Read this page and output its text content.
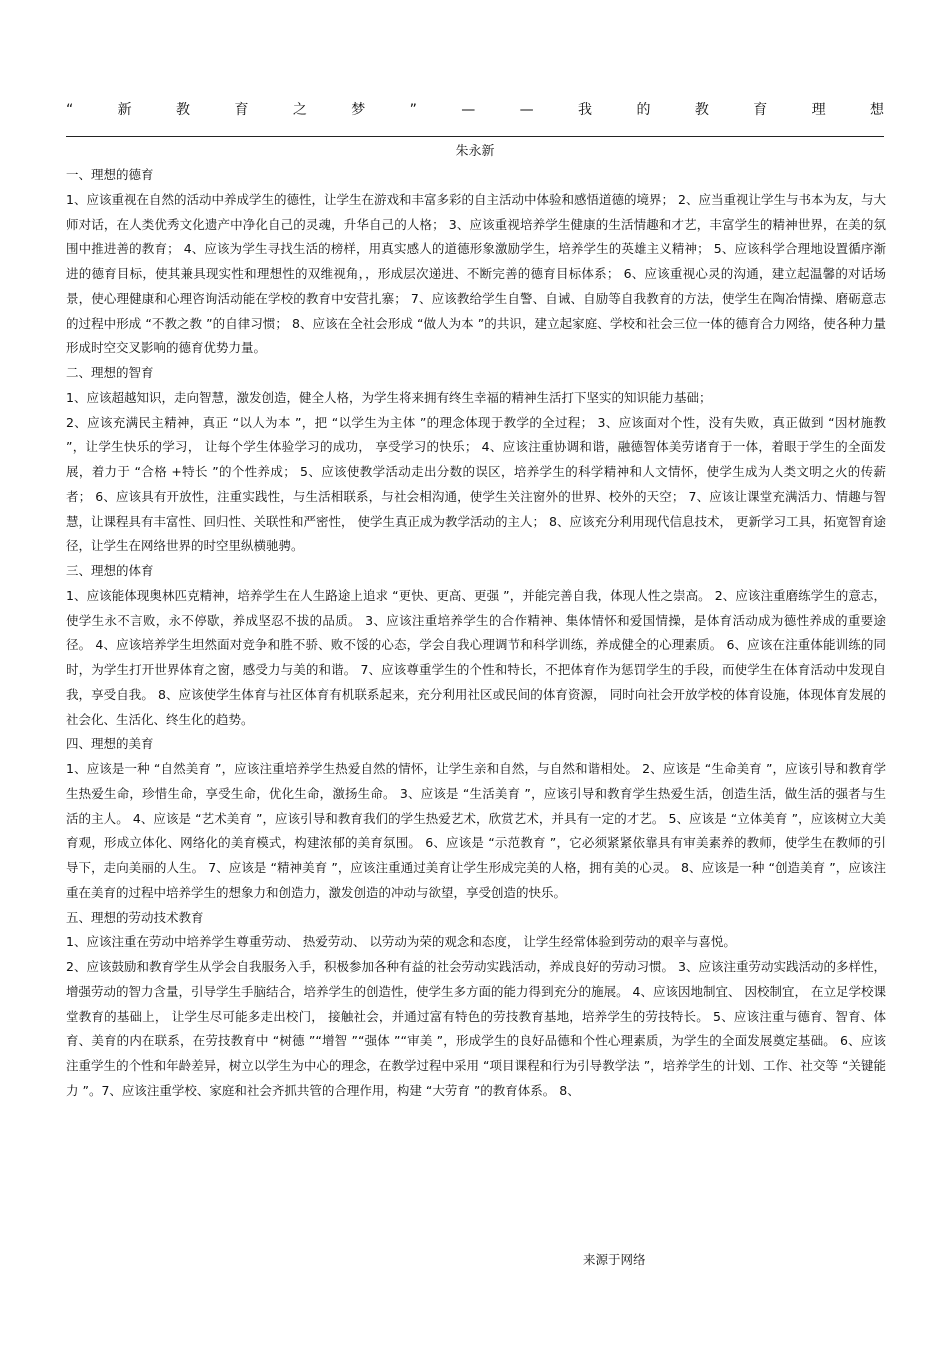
“	新	教	育	之	梦	”	—	—	我	的	教	育	理	想
朱永新
一、理想的德育

1、应该重视在自然的活动中养成学生的德性，让学生在游戏和丰富多彩的自主活动中体验和感悟道德的境界； 2、应当重视让学生与书本为友，与大师对话，在人类优秀文化遗产中净化自己的灵魂，升华自己的人格； 3、应该重视培养学生健康的生活情趣和才艺，丰富学生的精神世界，在美的氛围中推进善的教育； 4、应该为学生寻找生活的榜样，用真实感人的道德形象激励学生，培养学生的英雄主义精神； 5、应该科学合理地设置循序渐进的德育目标，使其兼具现实性和理想性的双维视角，，形成层次递进、不断完善的德育目标体系； 6、应该重视心灵的沟通，建立起温馨的对话场景，使心理健康和心理咨询活动能在学校的教育中安营扎寨； 7、应该教给学生自警、自诫、自励等自我教育的方法，使学生在陶冶情操、磨砺意志的过程中形成 “不教之教 ”的自律习惯； 8、应该在全社会形成 “做人为本 ”的共识，建立起家庭、学校和社会三位一体的德育合力网络，使各种力量形成时空交叉影响的德育优势力量。

二、理想的智育

1、应该超越知识，走向智慧，激发创造，健全人格，为学生将来拥有终生幸福的精神生活打下坚实的知识能力基础；

2、应该充满民主精神，真正 “以人为本 ”，把 “以学生为主体 ”的理念体现于教学的全过程； 3、应该面对个性，没有失败，真正做到 “因材施教 ”，让学生快乐的学习， 让每个学生体验学习的成功， 享受学习的快乐； 4、应该注重协调和谐，融德智体美劳诸育于一体，着眼于学生的全面发展，着力于 “合格 +特长 ”的个性养成； 5、应该使教学活动走出分数的误区，培养学生的科学精神和人文情怀，使学生成为人类文明之火的传薪者； 6、应该具有开放性，注重实践性，与生活相联系，与社会相沟通，使学生关注窗外的世界、校外的天空； 7、应该让课堂充满活力、情趣与智慧，让课程具有丰富性、回归性、关联性和严密性， 使学生真正成为教学活动的主人； 8、应该充分利用现代信息技术， 更新学习工具，拓宽智育途径，让学生在网络世界的时空里纵横驰骋。

三、理想的体育

1、应该能体现奥林匹克精神，培养学生在人生路途上追求 “更快、更高、更强 ”，并能完善自我，体现人性之崇高。 2、应该注重磨练学生的意志，使学生永不言败，永不停歇，养成坚忍不拔的品质。 3、应该注重培养学生的合作精神、集体情怀和爱国情操，是体育活动成为德性养成的重要途径。 4、应该培养学生坦然面对竞争和胜不骄、败不馁的心态，学会自我心理调节和科学训练，养成健全的心理素质。 6、应该在注重体能训练的同时，为学生打开世界体育之窗，感受力与美的和谐。 7、应该尊重学生的个性和特长，不把体育作为惩罚学生的手段，而使学生在体育活动中发现自我，享受自我。 8、应该使学生体育与社区体育有机联系起来，充分利用社区或民间的体育资源， 同时向社会开放学校的体育设施，体现体育发展的社会化、生活化、终生化的趋势。

四、理想的美育

1、应该是一种 “自然美育 ”，应该注重培养学生热爱自然的情怀，让学生亲和自然，与自然和谐相处。 2、应该是 “生命美育 ”，应该引导和教育学生热爱生命，珍惜生命，享受生命，优化生命，激扬生命。 3、应该是 “生活美育 ”，应该引导和教育学生热爱生活，创造生活，做生活的强者与生活的主人。 4、应该是 “艺术美育 ”，应该引导和教育我们的学生热爱艺术，欣赏艺术，并具有一定的才艺。 5、应该是 “立体美育 ”，应该树立大美育观，形成立体化、网络化的美育模式，构建浓郁的美育氛围。 6、应该是 “示范教育 ”，它必须紧紧依靠具有审美素养的教师，使学生在教师的引导下，走向美丽的人生。 7、应该是 “精神美育 ”，应该注重通过美育让学生形成完美的人格，拥有美的心灵。 8、应该是一种 “创造美育 ”，应该注重在美育的过程中培养学生的想象力和创造力，激发创造的冲动与欲望，享受创造的快乐。

五、理想的劳动技术教育

1、应该注重在劳动中培养学生尊重劳动、 热爱劳动、 以劳动为荣的观念和态度， 让学生经常体验到劳动的艰辛与喜悦。

2、应该鼓励和教育学生从学会自我服务入手，积极参加各种有益的社会劳动实践活动，养成良好的劳动习惯。 3、应该注重劳动实践活动的多样性，增强劳动的智力含量，引导学生手脑结合，培养学生的创造性，使学生多方面的能力得到充分的施展。 4、应该因地制宜、 因校制宜， 在立足学校课堂教育的基础上， 让学生尽可能多走出校门， 接触社会，并通过富有特色的劳技教育基地，培养学生的劳技特长。 5、应该注重与德育、智育、体育、美育的内在联系，在劳技教育中 “树德 ”“增智 ”“强体 ”“审美 ”，形成学生的良好品德和个性心理素质，为学生的全面发展奠定基础。 6、应该注重学生的个性和年龄差异，树立以学生为中心的理念，在教学过程中采用 “项目课程和行为引导教学法 ”，培养学生的计划、工作、社交等 “关键能力 ”。7、应该注重学校、家庭和社会齐抓共管的合理作用，构建 “大劳育 ”的教育体系。 8、

来源于网络
